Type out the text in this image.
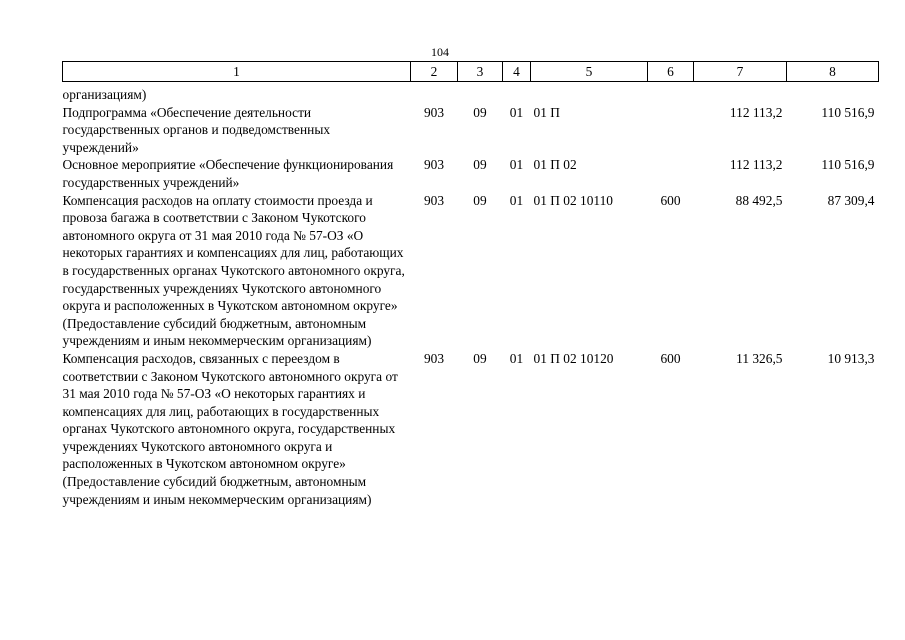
104
1	2	3	4	5	6	7	8
организациям)							
Подпрограмма «Обеспечение деятельности государственных органов и подведомственных учреждений»	903	09	01	01 П		112 113,2	110 516,9
Основное мероприятие «Обеспечение функционирования государственных учреждений»	903	09	01	01 П 02		112 113,2	110 516,9
Компенсация расходов на оплату стоимости проезда и провоза багажа в соответствии с Законом Чукотского автономного округа от 31 мая 2010 года № 57-ОЗ «О некоторых гарантиях и компенсациях для лиц, работающих в государственных органах Чукотского автономного округа, государственных учреждениях Чукотского автономного округа и расположенных в Чукотском автономном округе» (Предоставление субсидий бюджетным, автономным учреждениям и иным некоммерческим организациям)	903	09	01	01 П 02 10110	600	88 492,5	87 309,4
Компенсация расходов, связанных с переездом в соответствии с Законом Чукотского автономного округа от 31 мая 2010 года № 57-ОЗ «О некоторых гарантиях и компенсациях для лиц, работающих в государственных органах Чукотского автономного округа, государственных учреждениях Чукотского автономного округа и расположенных в Чукотском автономном округе» (Предоставление субсидий бюджетным, автономным учреждениям и иным некоммерческим организациям)	903	09	01	01 П 02 10120	600	11 326,5	10 913,3
